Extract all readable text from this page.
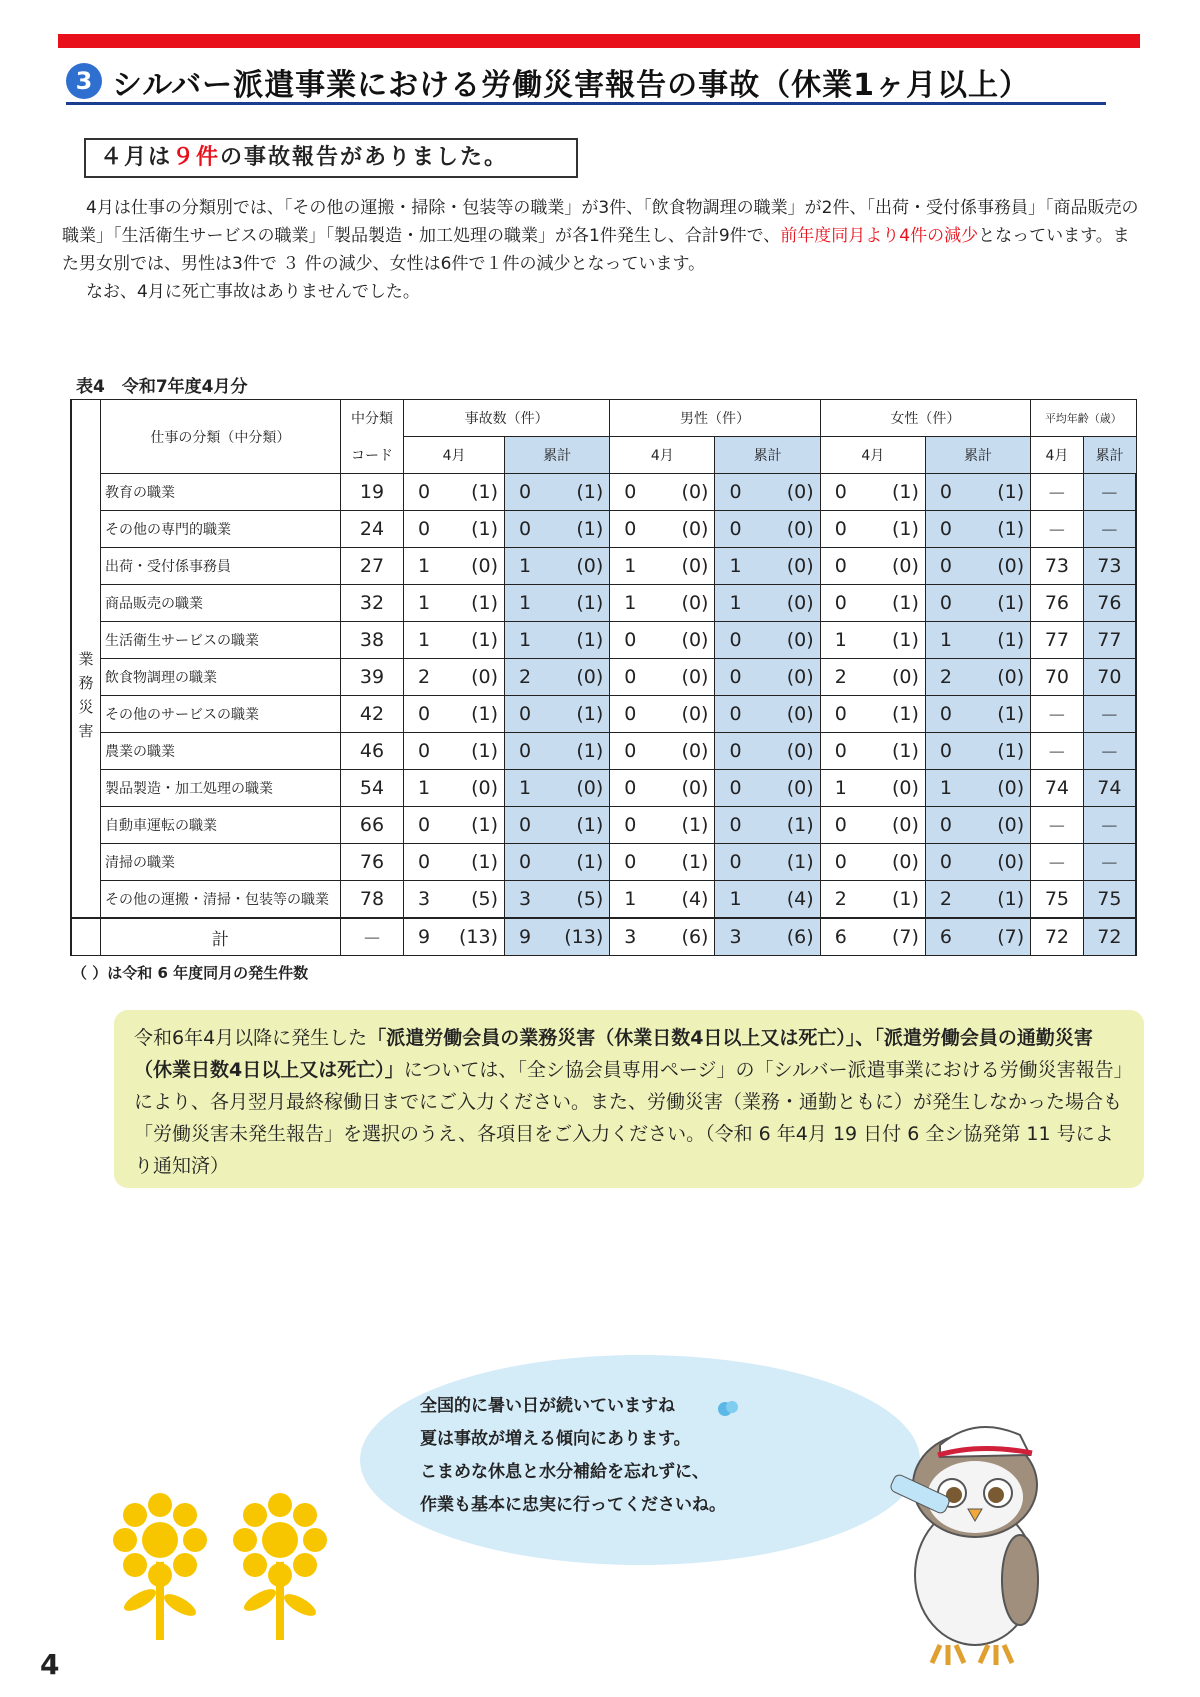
3 シルバー派遣事業における労働災害報告の事故（休業1ヶ月以上）
４月は９件の事故報告がありました。

4月は仕事の分類別では、「その他の運搬・掃除・包装等の職業」が3件、「飲食物調理の職業」が2件、「出荷・受付係事務員」「商品販売の職業」「生活衛生サービスの職業」「製品製造・加工処理の職業」が各1件発生し、合計9件で、前年度同月より4件の減少となっています。また男女別では、男性は3件で ３ 件の減少、女性は6件で１件の減少となっています。

なお、4月に死亡事故はありませんでした。

表4　令和7年度4月分
	仕事の分類（中分類）	中分類	事故数（件）				男性（件）				女性（件）				平均年齢（歳）	
		コード	4月		累計		4月		累計		4月		累計		4月	累計

業
務
災
害	教育の職業	19	0	(1)	0	(1)	0	(0)	0	(0)	0	(1)	0	(1)	－	－
	その他の専門的職業	24	0	(1)	0	(1)	0	(0)	0	(0)	0	(1)	0	(1)	－	－
	出荷・受付係事務員	27	1	(0)	1	(0)	1	(0)	1	(0)	0	(0)	0	(0)	73	73
	商品販売の職業	32	1	(1)	1	(1)	1	(0)	1	(0)	0	(1)	0	(1)	76	76
	生活衛生サービスの職業	38	1	(1)	1	(1)	0	(0)	0	(0)	1	(1)	1	(1)	77	77
	飲食物調理の職業	39	2	(0)	2	(0)	0	(0)	0	(0)	2	(0)	2	(0)	70	70
	その他のサービスの職業	42	0	(1)	0	(1)	0	(0)	0	(0)	0	(1)	0	(1)	－	－
	農業の職業	46	0	(1)	0	(1)	0	(0)	0	(0)	0	(1)	0	(1)	－	－
	製品製造・加工処理の職業	54	1	(0)	1	(0)	0	(0)	0	(0)	1	(0)	1	(0)	74	74
	自動車運転の職業	66	0	(1)	0	(1)	0	(1)	0	(1)	0	(0)	0	(0)	－	－
	清掃の職業	76	0	(1)	0	(1)	0	(1)	0	(1)	0	(0)	0	(0)	－	－
	その他の運搬・清掃・包装等の職業	78	3	(5)	3	(5)	1	(4)	1	(4)	2	(1)	2	(1)	75	75
	計	－	9	(13)	9	(13)	3	(6)	3	(6)	6	(7)	6	(7)	72	72
（ ）は令和 6 年度同月の発生件数
令和6年4月以降に発生した「派遣労働会員の業務災害（休業日数4日以上又は死亡）」、「派遣労働会員の通勤災害（休業日数4日以上又は死亡）」については、「全シ協会員専用ページ」の「シルバー派遣事業における労働災害報告」により、各月翌月最終稼働日までにご入力ください。また、労働災害（業務・通勤ともに）が発生しなかった場合も「労働災害未発生報告」を選択のうえ、各項目をご入力ください。（令和 6 年4月 19 日付 6 全シ協発第 11 号により通知済）
全国的に暑い日が続いていますね

夏は事故が増える傾向にあります。
こまめな休息と水分補給を忘れずに、
作業も基本に忠実に行ってくださいね。
4
